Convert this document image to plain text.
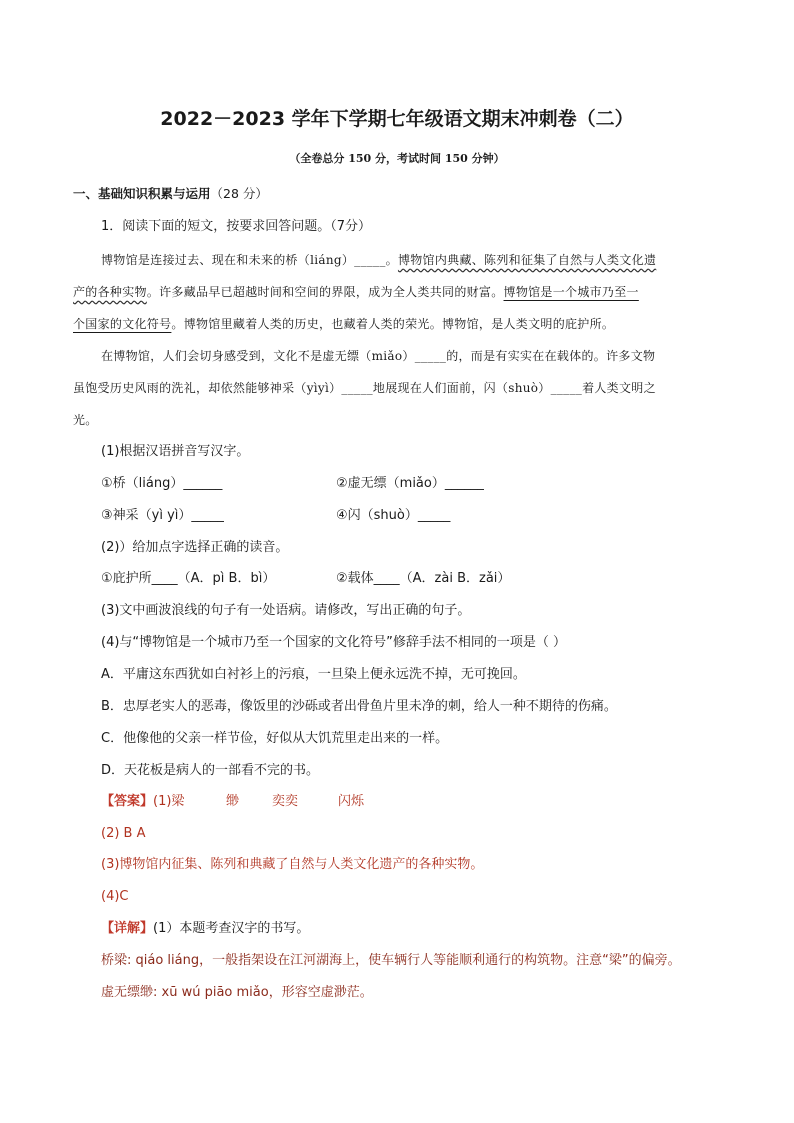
2022－2023 学年下学期七年级语文期末冲刺卷（二）
（全卷总分 150 分，考试时间 150 分钟）
一、基础知识积累与运用（28 分）
1．阅读下面的短文，按要求回答问题。（7分）
博物馆是连接过去、现在和未来的桥（liáng）_____。博物馆内典藏、陈列和征集了自然与人类文化遗
产的各种实物。许多藏品早已超越时间和空间的界限，成为全人类共同的财富。博物馆是一个城市乃至一
个国家的文化符号。博物馆里藏着人类的历史，也藏着人类的荣光。博物馆，是人类文明的庇护所。
在博物馆，人们会切身感受到，文化不是虚无缥（miǎo）_____的，而是有实实在在载体的。许多文物
虽饱受历史风雨的洗礼，却依然能够神采（yìyì）_____地展现在人们面前，闪（shuò）_____着人类文明之
光。
(1)根据汉语拼音写汉字。
①桥（liáng）______	②虚无缥（miǎo）______
③神采（yì yì）_____	④闪（shuò）_____
(2)）给加点字选择正确的读音。
①庇护所____（A．pì B．bì）	②载体____（A．zài B．zǎi）
(3)文中画波浪线的句子有一处语病。请修改，写出正确的句子。
(4)与“博物馆是一个城市乃至一个国家的文化符号”修辞手法不相同的一项是（ ）
A．平庸这东西犹如白衬衫上的污痕，一旦染上便永远洗不掉，无可挽回。
B．忠厚老实人的恶毒，像饭里的沙砾或者出骨鱼片里未净的刺，给人一种不期待的伤痛。
C．他像他的父亲一样节俭，好似从大饥荒里走出来的一样。
D．天花板是病人的一部看不完的书。
【答案】(1)梁	缈	奕奕	闪烁
(2) B A
(3)博物馆内征集、陈列和典藏了自然与人类文化遗产的各种实物。
(4)C
【详解】(1）本题考查汉字的书写。
桥梁: qiáo liáng，一般指架设在江河湖海上，使车辆行人等能顺利通行的构筑物。注意“梁”的偏旁。
虚无缥缈: xū wú piāo miǎo，形容空虚渺茫。
